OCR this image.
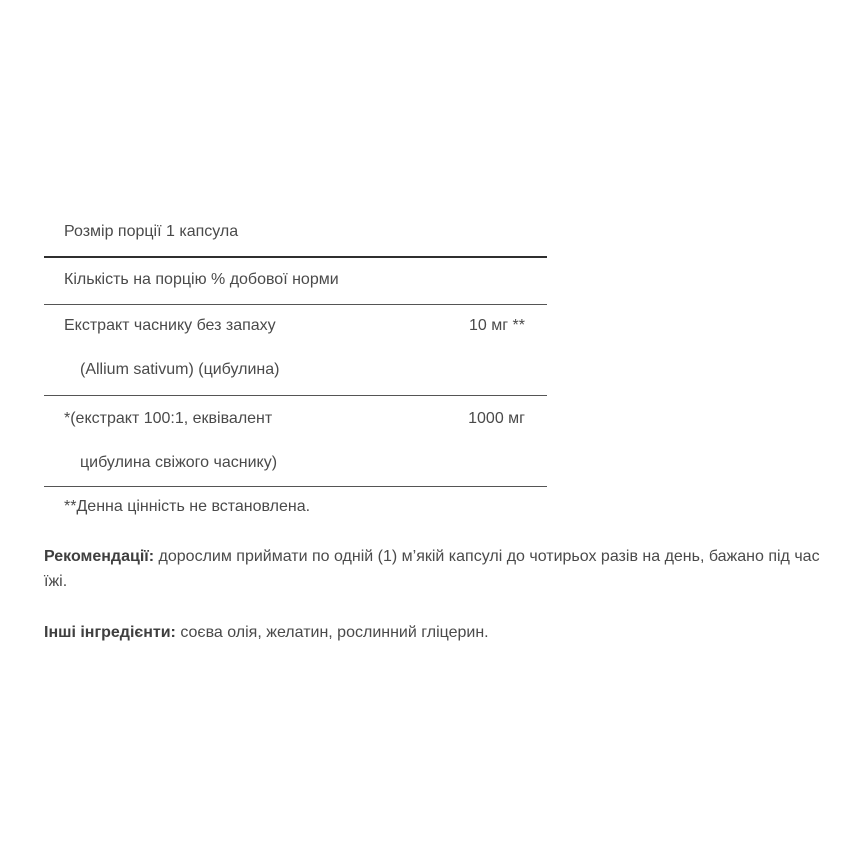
Розмір порції 1 капсула
Кількість на порцію % добової норми
Екстракт часнику без запаху
(Allium sativum) (цибулина)
10 мг **
*(екстракт 100:1, еквівалент
цибулина свіжого часнику)
1000 мг
**Денна цінність не встановлена.
Рекомендації: дорослим приймати по одній (1) м’якій капсулі до чотирьох разів на день, бажано під час їжі.
Інші інгредієнти: соєва олія, желатин, рослинний гліцерин.
